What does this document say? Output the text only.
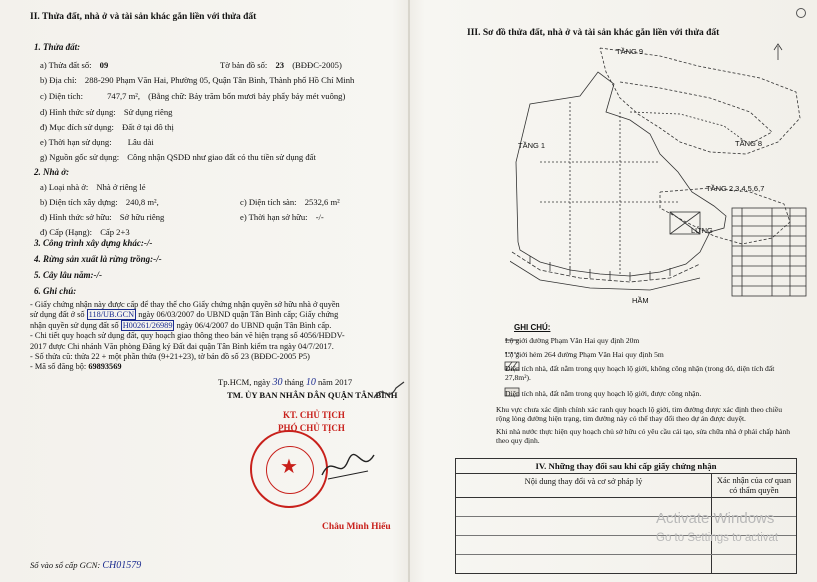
II. Thửa đất, nhà ở và tài sản khác gắn liền với thửa đất
1. Thửa đất:
a) Thửa đất số: 09	Tờ bản đồ số: 23 (BĐĐC-2005)
b) Địa chỉ: 288-290 Phạm Văn Hai, Phường 05, Quận Tân Bình, Thành phố Hồ Chí Minh
c) Diện tích:	747,7 m², (Bằng chữ: Bảy trăm bốn mươi bảy phẩy bảy mét vuông)
d) Hình thức sử dụng: Sử dụng riêng
đ) Mục đích sử dụng: Đất ở tại đô thị
e) Thời hạn sử dụng: Lâu dài
g) Nguồn gốc sử dụng: Công nhận QSDĐ như giao đất có thu tiền sử dụng đất
2. Nhà ở:
a) Loại nhà ở: Nhà ở riêng lẻ
b) Diện tích xây dựng: 240,8 m²,	c) Diện tích sàn: 2532,6 m²
d) Hình thức sở hữu: Sở hữu riêng
đ) Cấp (Hạng): Cấp 2+3
e) Thời hạn sở hữu: -/-
3. Công trình xây dựng khác:-/-
4. Rừng sản xuất là rừng trồng:-/-
5. Cây lâu năm:-/-
6. Ghi chú:
- Giấy chứng nhận này được cấp để thay thế cho Giấy chứng nhận quyền sở hữu nhà ở quyền
sử dụng đất ở số 118/UB.GCN ngày 06/03/2007 do UBND quận Tân Bình cấp; Giấy chứng
nhận quyền sử dụng đất số H00261/26989 ngày 06/4/2007 do UBND quận Tân Bình cấp.
- Chi tiết quy hoạch sử dụng đất, quy hoạch giao thông theo bản vẽ hiện trạng số 4056/HĐDV-
2017 được Chi nhánh Văn phòng Đăng ký Đất đai quận Tân Bình kiểm tra ngày 04/7/2017.
- Số thửa cũ: thửa 22 + một phần thửa (9+21+23), tờ bản đồ số 23 (BĐĐC-2005 P5)
- Mã số đăng bộ: 69893569
Tp.HCM, ngày 30 tháng 10 năm 2017
TM. ỦY BAN NHÂN DÂN QUẬN TÂN BÌNH
KT. CHỦ TỊCH
PHÓ CHỦ TỊCH
★
Châu Minh Hiếu
Số vào sổ cấp GCN: CH01579
III. Sơ đồ thửa đất, nhà ở và tài sản khác gắn liền với thửa đất
TẦNG 9
TẦNG 1	TẦNG 8
TẦNG 2,3,4,5,6,7
LỬNG
HẦM
GHI CHÚ:
Lộ giới đường Phạm Văn Hai quy định 20m
Lộ giới hẻm 264 đường Phạm Văn Hai quy định 5m
Diện tích nhà, đất nằm trong quy hoạch lộ giới, không công nhận (trong đó, diện tích đất 27,8m²).
Diện tích nhà, đất nằm trong quy hoạch lộ giới, được công nhận.
Khu vực chưa xác định chính xác ranh quy hoạch lộ giới, tim đường được xác định theo chiều rộng lòng đường hiện trạng, tim đường này có thể thay đổi theo dự án được duyệt.
Khi nhà nước thực hiện quy hoạch chủ sở hữu có yêu cầu cải tạo, sửa chữa nhà ở phải chấp hành theo quy định.
IV. Những thay đổi sau khi cấp giấy chứng nhận
Nội dung thay đổi và cơ sở pháp lý	Xác nhận của cơ quan có thẩm quyền
Activate Windows
Go to Settings to activat
